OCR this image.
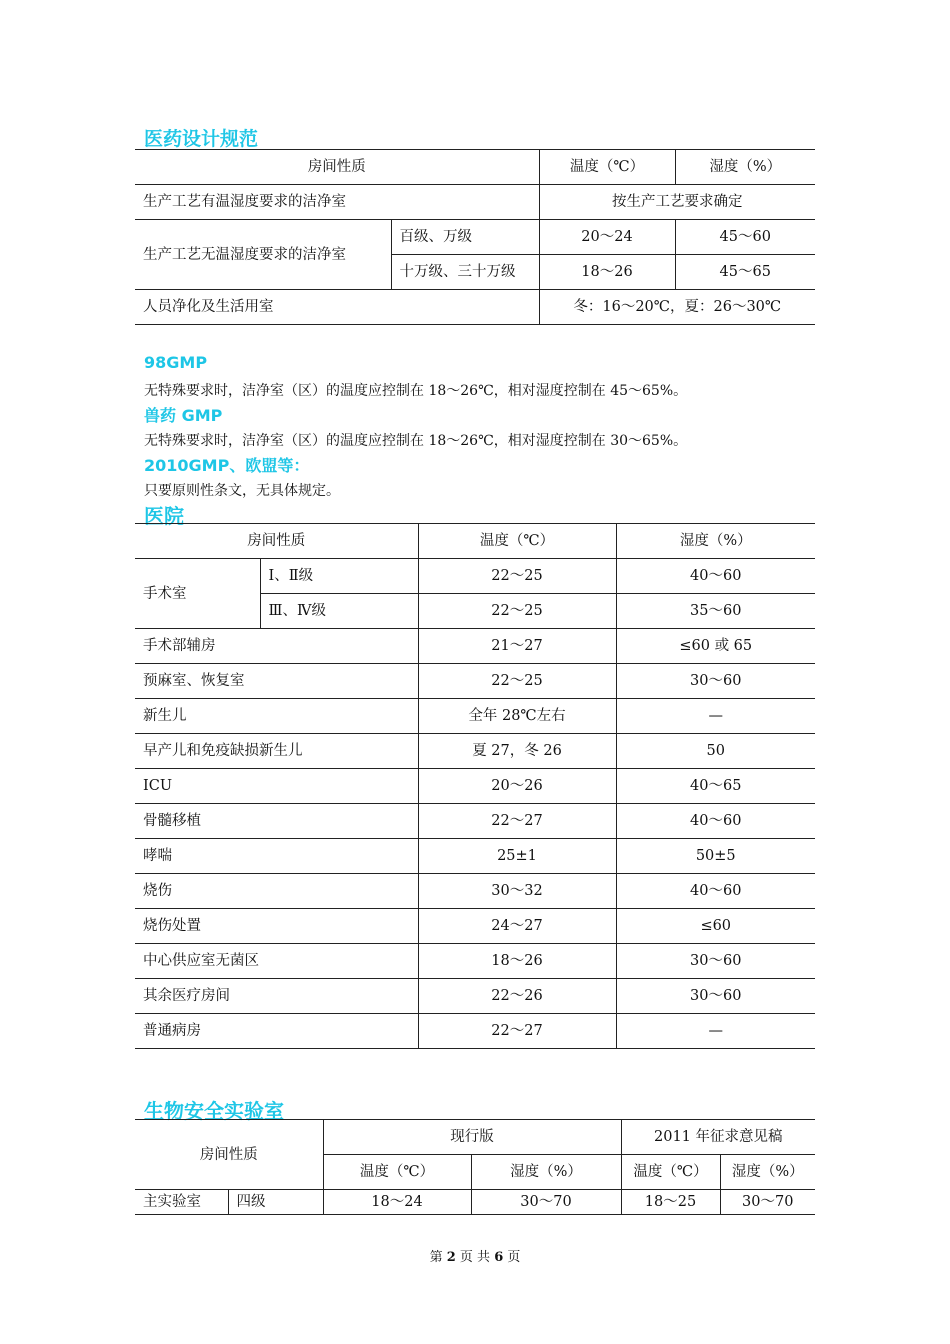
医药设计规范
房间性质		温度（℃）	湿度（%）
生产工艺有温湿度要求的洁净室		按生产工艺要求确定	
生产工艺无温湿度要求的洁净室	百级、万级	20～24	45～60
	十万级、三十万级	18～26	45～65
人员净化及生活用室		冬：16～20℃，夏：26～30℃	
98GMP
无特殊要求时，洁净室（区）的温度应控制在 18～26℃，相对湿度控制在 45～65%。
兽药 GMP
无特殊要求时，洁净室（区）的温度应控制在 18～26℃，相对湿度控制在 30～65%。
2010GMP、欧盟等：
只要原则性条文，无具体规定。
医院
房间性质		温度（℃）	湿度（%）
手术室	Ⅰ、Ⅱ级	22～25	40～60
	Ⅲ、Ⅳ级	22～25	35～60
手术部辅房		21～27	≤60 或 65
预麻室、恢复室		22～25	30～60
新生儿		全年 28℃左右	—
早产儿和免疫缺损新生儿		夏 27，冬 26	50
ICU		20～26	40～65
骨髓移植		22～27	40～60
哮喘		25±1	50±5
烧伤		30～32	40～60
烧伤处置		24～27	≤60
中心供应室无菌区		18～26	30～60
其余医疗房间		22～26	30～60
普通病房		22～27	—
生物安全实验室
房间性质		现行版		2011 年征求意见稿	
		温度（℃）	湿度（%）	温度（℃）	湿度（%）
主实验室	四级	18～24	30～70	18～25	30～70
第 2 页 共 6 页
